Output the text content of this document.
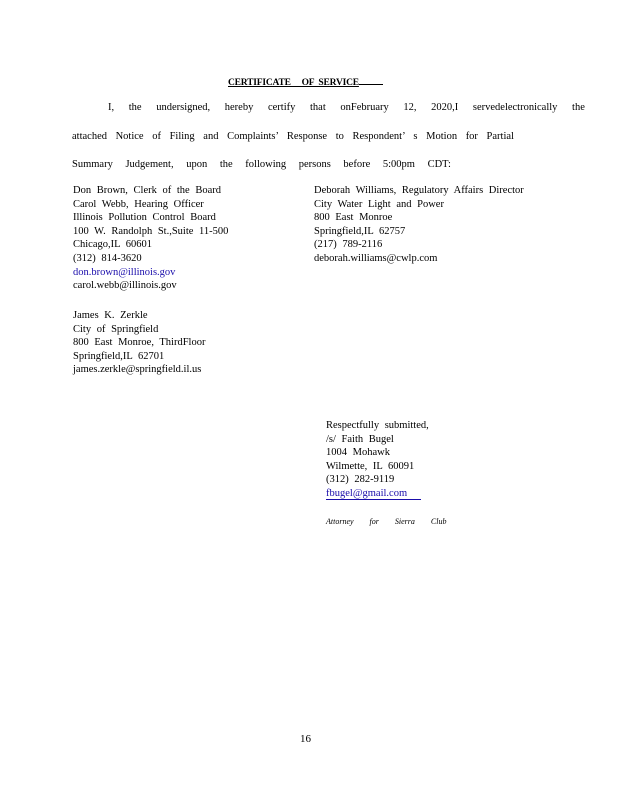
CERTIFICATE     OF  SERVICE
I, the undersigned, hereby certify that onFebruary 12, 2020,I servedelectronically the
attached Notice of Filing and Complaints’ Response to Respondent’ s Motion for Partial
Summary Judgement, upon the following persons before 5:00pm CDT:
Don Brown, Clerk of the Board
Carol Webb, Hearing Officer
Illinois Pollution Control Board
100 W. Randolph St.,Suite 11-500
Chicago,IL 60601
(312) 814-3620
don.brown@illinois.gov
carol.webb@illinois.gov
Deborah Williams, Regulatory Affairs Director
City Water Light and Power
800 East Monroe
Springfield,IL 62757
(217) 789-2116
deborah.williams@cwlp.com
James K. Zerkle
City of Springfield
800 East Monroe, ThirdFloor
Springfield,IL 62701
james.zerkle@springfield.il.us
Respectfully submitted,
/s/ Faith Bugel
1004 Mohawk
Wilmette, IL 60091
(312) 282-9119
fbugel@gmail.com
Attorney for Sierra Club
16
